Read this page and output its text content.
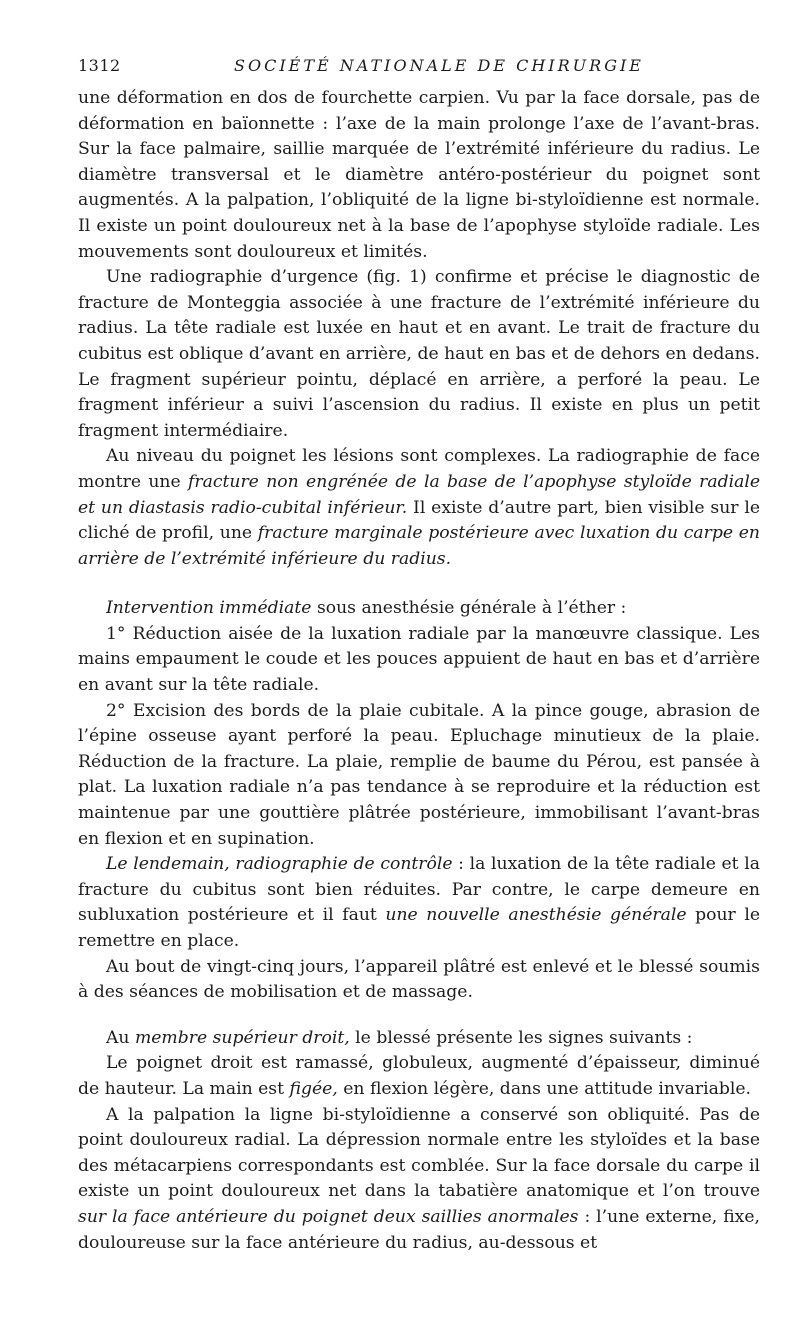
1312	SOCIÉTÉ NATIONALE DE CHIRURGIE

une déformation en dos de fourchette carpien. Vu par la face dorsale, pas de déformation en baïonnette : l’axe de la main prolonge l’axe de l’avant-bras. Sur la face palmaire, saillie marquée de l’extrémité inférieure du radius. Le diamètre transversal et le diamètre antéro-postérieur du poignet sont augmentés. A la palpation, l’obliquité de la ligne bi-styloïdienne est normale. Il existe un point douloureux net à la base de l’apophyse styloïde radiale. Les mouvements sont douloureux et limités.

Une radiographie d’urgence (fig. 1) confirme et précise le diagnostic de fracture de Monteggia associée à une fracture de l’extrémité inférieure du radius. La tête radiale est luxée en haut et en avant. Le trait de fracture du cubitus est oblique d’avant en arrière, de haut en bas et de dehors en dedans. Le fragment supérieur pointu, déplacé en arrière, a perforé la peau. Le fragment inférieur a suivi l’ascension du radius. Il existe en plus un petit fragment intermédiaire.

Au niveau du poignet les lésions sont complexes. La radiographie de face montre une fracture non engrénée de la base de l’apophyse styloïde radiale et un diastasis radio-cubital inférieur. Il existe d’autre part, bien visible sur le cliché de profil, une fracture marginale postérieure avec luxation du carpe en arrière de l’extrémité inférieure du radius.

Intervention immédiate sous anesthésie générale à l’éther :

1° Réduction aisée de la luxation radiale par la manœuvre classique. Les mains empaument le coude et les pouces appuient de haut en bas et d’arrière en avant sur la tête radiale.

2° Excision des bords de la plaie cubitale. A la pince gouge, abrasion de l’épine osseuse ayant perforé la peau. Epluchage minutieux de la plaie. Réduction de la fracture. La plaie, remplie de baume du Pérou, est pansée à plat. La luxation radiale n’a pas tendance à se reproduire et la réduction est maintenue par une gouttière plâtrée postérieure, immobilisant l’avant-bras en flexion et en supination.

Le lendemain, radiographie de contrôle : la luxation de la tête radiale et la fracture du cubitus sont bien réduites. Par contre, le carpe demeure en subluxation postérieure et il faut une nouvelle anesthésie générale pour le remettre en place.

Au bout de vingt-cinq jours, l’appareil plâtré est enlevé et le blessé soumis à des séances de mobilisation et de massage.

Au membre supérieur droit, le blessé présente les signes suivants :

Le poignet droit est ramassé, globuleux, augmenté d’épaisseur, diminué de hauteur. La main est figée, en flexion légère, dans une attitude invariable.

A la palpation la ligne bi-styloïdienne a conservé son obliquité. Pas de point douloureux radial. La dépression normale entre les styloïdes et la base des métacarpiens correspondants est comblée. Sur la face dorsale du carpe il existe un point douloureux net dans la tabatière anatomique et l’on trouve sur la face antérieure du poignet deux saillies anormales : l’une externe, fixe, douloureuse sur la face antérieure du radius, au-dessous et
